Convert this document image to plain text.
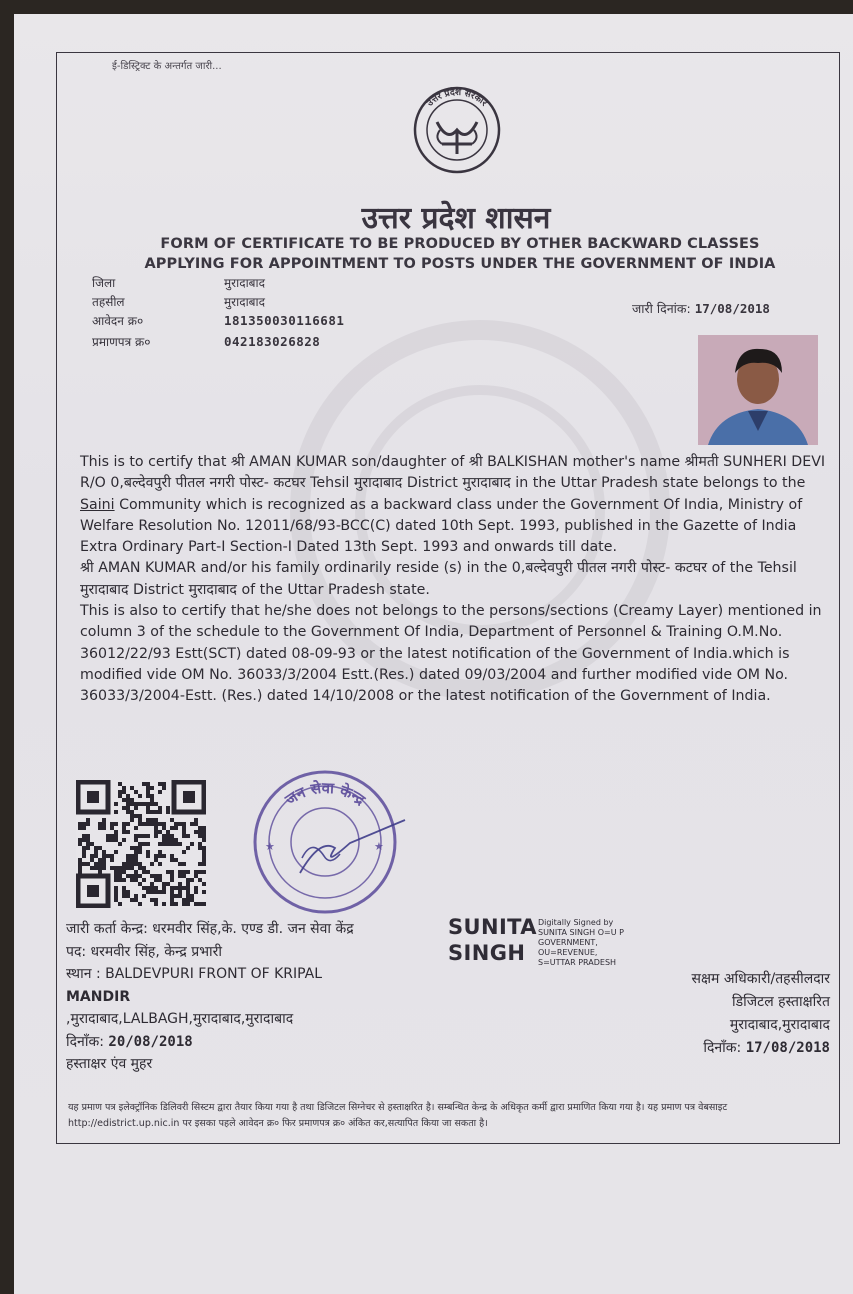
ई-डिस्ट्रिक्ट के अन्तर्गत जारी...
उत्तर प्रदेश सरकार
उत्तर प्रदेश शासन
FORM OF CERTIFICATE TO BE PRODUCED BY OTHER BACKWARD CLASSES
APPLYING FOR APPOINTMENT TO POSTS UNDER THE GOVERNMENT OF INDIA
जिला	मुरादाबाद
तहसील	मुरादाबाद
आवेदन क्र०	181350030116681
प्रमाणपत्र क्र०	042183026828
जारी दिनांक: 17/08/2018

This is to certify that श्री AMAN KUMAR son/daughter of श्री BALKISHAN mother's name श्रीमती SUNHERI DEVI R/O 0,बल्देवपुरी पीतल नगरी पोस्ट- कटघर Tehsil मुरादाबाद District मुरादाबाद in the Uttar Pradesh state belongs to the Saini Community which is recognized as a backward class under the Government Of India, Ministry of Welfare Resolution No. 12011/68/93-BCC(C) dated 10th Sept. 1993, published in the Gazette of India Extra Ordinary Part-I Section-I Dated 13th Sept. 1993 and onwards till date.

श्री AMAN KUMAR and/or his family ordinarily reside (s) in the 0,बल्देवपुरी पीतल नगरी पोस्ट- कटघर of the Tehsil मुरादाबाद District मुरादाबाद of the Uttar Pradesh state.

This is also to certify that he/she does not belongs to the persons/sections (Creamy Layer) mentioned in column 3 of the schedule to the Government Of India, Department of Personnel & Training O.M.No. 36012/22/93 Estt(SCT) dated 08-09-93 or the latest notification of the Government of India.which is modified vide OM No. 36033/3/2004 Estt.(Res.) dated 09/03/2004 and further modified vide OM No. 36033/3/2004-Estt. (Res.) dated 14/10/2008 or the latest notification of the Government of India.

जन सेवा केन्द्र
★	★
जारी कर्ता केन्द्र: धरमवीर सिंह,के. एण्ड डी. जन सेवा केंद्र
पद: धरमवीर सिंह, केन्द्र प्रभारी
स्थान : BALDEVPURI FRONT OF KRIPAL
MANDIR
,मुरादाबाद,LALBAGH,मुरादाबाद,मुरादाबाद
दिनाँक: 20/08/2018
हस्ताक्षर एंव मुहर
SUNITA
SINGH
Digitally Signed by
SUNITA SINGH O=U P
GOVERNMENT,
OU=REVENUE,
S=UTTAR PRADESH
सक्षम अधिकारी/तहसीलदार
डिजिटल हस्ताक्षरित
मुरादाबाद,मुरादाबाद
दिनाँक: 17/08/2018
यह प्रमाण पत्र इलेक्ट्रॉनिक डिलिवरी सिस्टम द्वारा तैयार किया गया है तथा डिजिटल सिग्नेचर से हस्ताक्षरित है। सम्बन्धित केन्द्र के अधिकृत कर्मी द्वारा प्रमाणित किया गया है। यह प्रमाण पत्र वेबसाइट http://edistrict.up.nic.in पर इसका पहले आवेदन क्र० फिर प्रमाणपत्र क्र० अंकित कर,सत्यापित किया जा सकता है।
